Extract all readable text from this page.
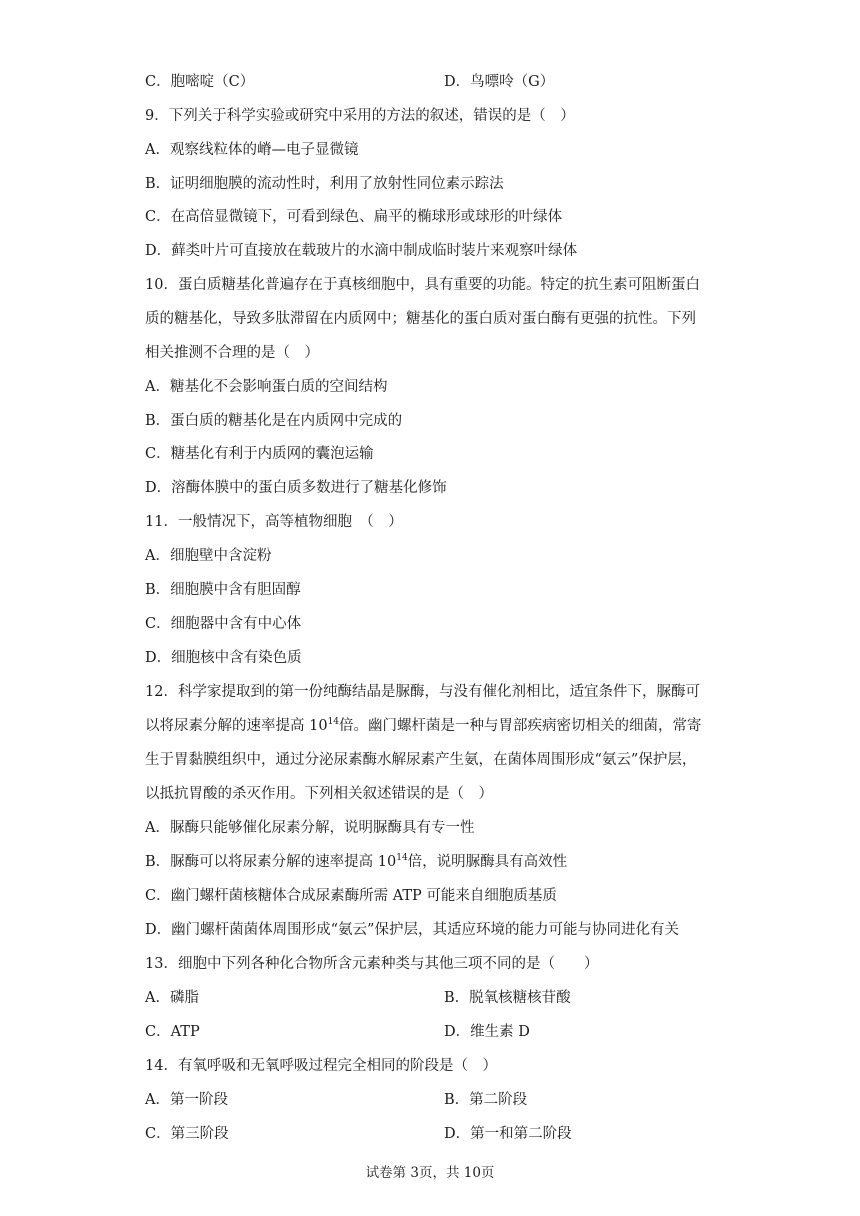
C．胞嘧啶（C）	D．鸟嘌呤（G）
9．下列关于科学实验或研究中采用的方法的叙述，错误的是（　）
A．观察线粒体的嵴—电子显微镜
B．证明细胞膜的流动性时，利用了放射性同位素示踪法
C．在高倍显微镜下，可看到绿色、扁平的椭球形或球形的叶绿体
D．藓类叶片可直接放在载玻片的水滴中制成临时装片来观察叶绿体
10．蛋白质糖基化普遍存在于真核细胞中，具有重要的功能。特定的抗生素可阻断蛋白
质的糖基化，导致多肽滞留在内质网中；糖基化的蛋白质对蛋白酶有更强的抗性。下列
相关推测不合理的是（　）
A．糖基化不会影响蛋白质的空间结构
B．蛋白质的糖基化是在内质网中完成的
C．糖基化有利于内质网的囊泡运输
D．溶酶体膜中的蛋白质多数进行了糖基化修饰
11．一般情况下，高等植物细胞　（　）
A．细胞壁中含淀粉
B．细胞膜中含有胆固醇
C．细胞器中含有中心体
D．细胞核中含有染色质
12．科学家提取到的第一份纯酶结晶是脲酶，与没有催化剂相比，适宜条件下，脲酶可
以将尿素分解的速率提高 $10^{14}$倍。幽门螺杆菌是一种与胃部疾病密切相关的细菌，常寄
生于胃黏膜组织中，通过分泌尿素酶水解尿素产生氨，在菌体周围形成“氨云”保护层，
以抵抗胃酸的杀灭作用。下列相关叙述错误的是（　）
A．脲酶只能够催化尿素分解，说明脲酶具有专一性
B．脲酶可以将尿素分解的速率提高 $10^{14}$倍，说明脲酶具有高效性
C．幽门螺杆菌核糖体合成尿素酶所需 ATP 可能来自细胞质基质
D．幽门螺杆菌菌体周围形成“氨云”保护层，其适应环境的能力可能与协同进化有关
13．细胞中下列各种化合物所含元素种类与其他三项不同的是（　　）
A．磷脂	B．脱氧核糖核苷酸
C．ATP	D．维生素 D
14．有氧呼吸和无氧呼吸过程完全相同的阶段是（　）
A．第一阶段	B．第二阶段
C．第三阶段	D．第一和第二阶段
试卷第 3页，共 10页
